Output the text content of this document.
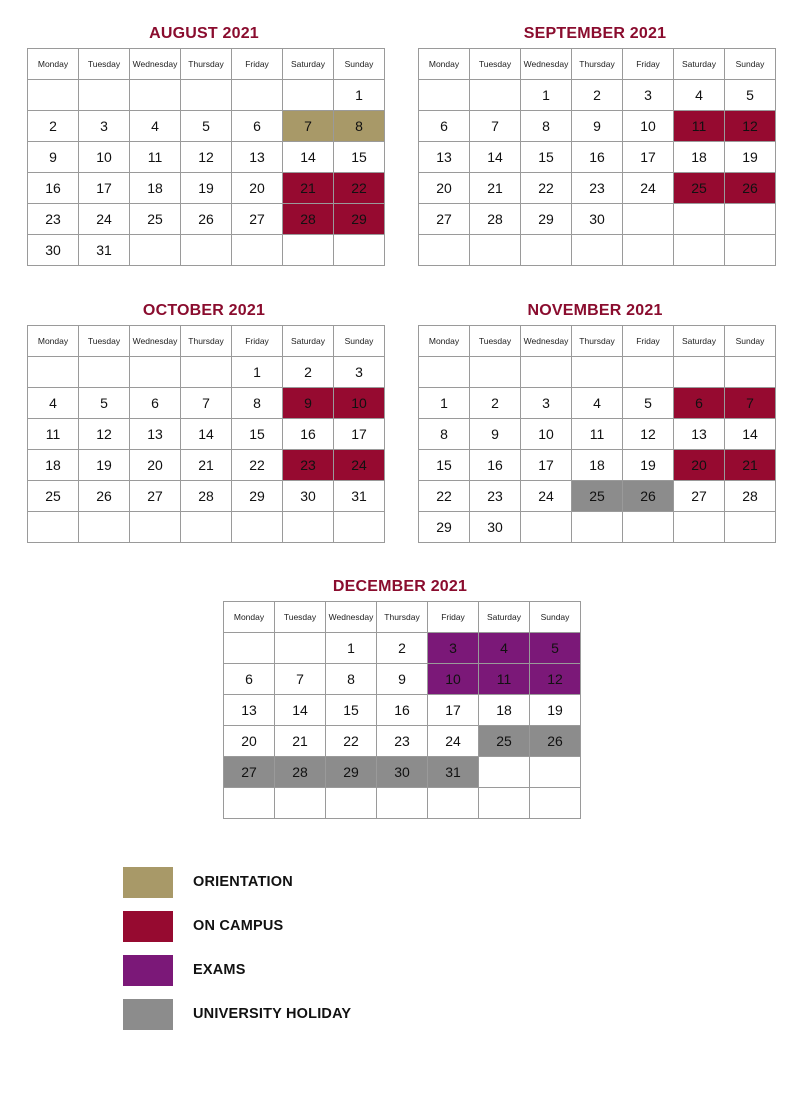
AUGUST 2021
Monday	Tuesday	Wednesday	Thursday	Friday	Saturday	Sunday
						1
2	3	4	5	6	7	8
9	10	11	12	13	14	15
16	17	18	19	20	21	22
23	24	25	26	27	28	29
30	31					
SEPTEMBER 2021
Monday	Tuesday	Wednesday	Thursday	Friday	Saturday	Sunday
		1	2	3	4	5
6	7	8	9	10	11	12
13	14	15	16	17	18	19
20	21	22	23	24	25	26
27	28	29	30			

OCTOBER 2021
Monday	Tuesday	Wednesday	Thursday	Friday	Saturday	Sunday
				1	2	3
4	5	6	7	8	9	10
11	12	13	14	15	16	17
18	19	20	21	22	23	24
25	26	27	28	29	30	31

NOVEMBER 2021
Monday	Tuesday	Wednesday	Thursday	Friday	Saturday	Sunday

1	2	3	4	5	6	7
8	9	10	11	12	13	14
15	16	17	18	19	20	21
22	23	24	25	26	27	28
29	30					
DECEMBER 2021
Monday	Tuesday	Wednesday	Thursday	Friday	Saturday	Sunday
		1	2	3	4	5
6	7	8	9	10	11	12
13	14	15	16	17	18	19
20	21	22	23	24	25	26
27	28	29	30	31		

ORIENTATION
ON CAMPUS
EXAMS
UNIVERSITY HOLIDAY
